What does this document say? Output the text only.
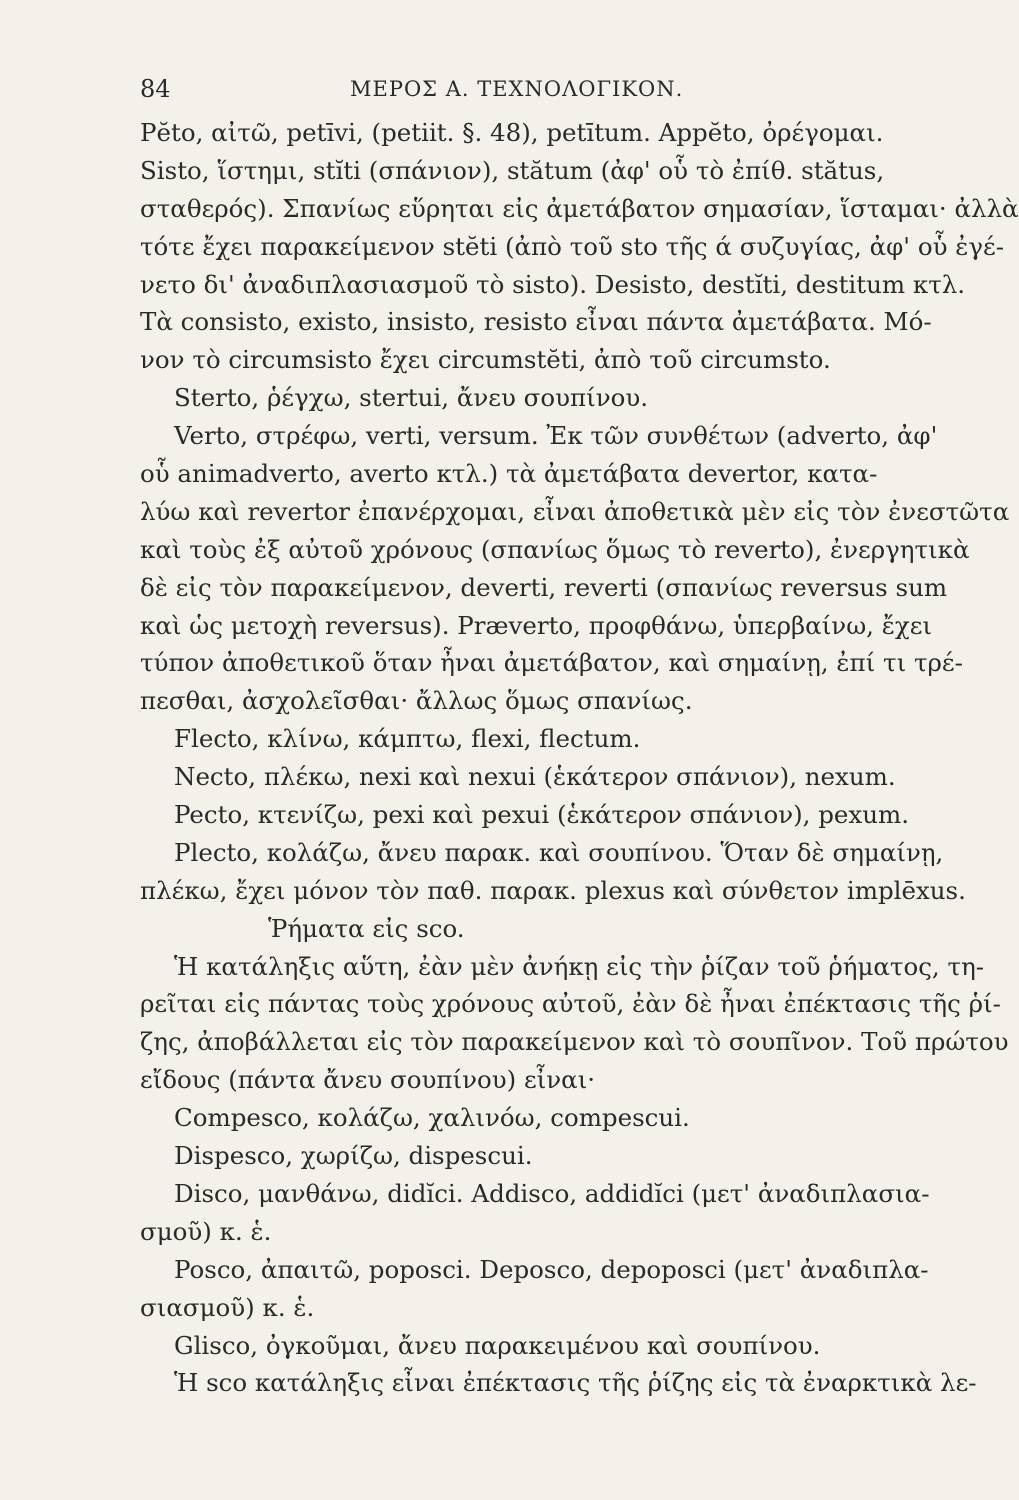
84	ΜΕΡΟΣ Α. ΤΕΧΝΟΛΟΓΙΚΟΝ.
Pĕto, αἰτῶ, petīvi, (petiit. §. 48), petītum. Appĕto, ὀρέγομαι.
Sisto, ἵστημι, stĭti (σπάνιον), stătum (ἀφ' οὗ τὸ ἐπίθ. stătus,
σταθερός). Σπανίως εὕρηται εἰς ἀμετάβατον σημασίαν, ἵσταμαι· ἀλλὰ
τότε ἔχει παρακείμενον stĕti (ἀπὸ τοῦ sto τῆς ά συζυγίας, ἀφ' οὗ ἐγέ-
νετο δι' ἀναδιπλασιασμοῦ τὸ sisto). Desisto, destĭti, destitum κτλ.
Τὰ consisto, existo, insisto, resisto εἶναι πάντα ἀμετάβατα. Μό-
νον τὸ circumsisto ἔχει circumstĕti, ἀπὸ τοῦ circumsto.
Sterto, ῥέγχω, stertui, ἄνευ σουπίνου.
Verto, στρέφω, verti, versum. Ἐκ τῶν συνθέτων (adverto, ἀφ'
οὗ animadverto, averto κτλ.) τὰ ἀμετάβατα devertor, κατα-
λύω καὶ revertor ἐπανέρχομαι, εἶναι ἀποθετικὰ μὲν εἰς τὸν ἐνεστῶτα
καὶ τοὺς ἐξ αὐτοῦ χρόνους (σπανίως ὅμως τὸ reverto), ἐνεργητικὰ
δὲ εἰς τὸν παρακείμενον, deverti, reverti (σπανίως reversus sum
καὶ ὡς μετοχὴ reversus). Præverto, προφθάνω, ὑπερβαίνω, ἔχει
τύπον ἀποθετικοῦ ὅταν ἦναι ἀμετάβατον, καὶ σημαίνῃ, ἐπί τι τρέ-
πεσθαι, ἀσχολεῖσθαι· ἄλλως ὅμως σπανίως.
Flecto, κλίνω, κάμπτω, flexi, flectum.
Necto, πλέκω, nexi καὶ nexui (ἑκάτερον σπάνιον), nexum.
Pecto, κτενίζω, pexi καὶ pexui (ἑκάτερον σπάνιον), pexum.
Plecto, κολάζω, ἄνευ παρακ. καὶ σουπίνου. Ὅταν δὲ σημαίνῃ,
πλέκω, ἔχει μόνον τὸν παθ. παρακ. plexus καὶ σύνθετον implēxus.
Ῥήματα εἰς sco.
Ἡ κατάληξις αὕτη, ἐὰν μὲν ἀνήκῃ εἰς τὴν ῥίζαν τοῦ ῥήματος, τη-
ρεῖται εἰς πάντας τοὺς χρόνους αὐτοῦ, ἐὰν δὲ ἦναι ἐπέκτασις τῆς ῥί-
ζης, ἀποβάλλεται εἰς τὸν παρακείμενον καὶ τὸ σουπῖνον. Τοῦ πρώτου
εἴδους (πάντα ἄνευ σουπίνου) εἶναι·
Compesco, κολάζω, χαλινόω, compescui.
Dispesco, χωρίζω, dispescui.
Disco, μανθάνω, didĭci. Addisco, addidĭci (μετ' ἀναδιπλασια-
σμοῦ) κ. ἑ.
Posco, ἀπαιτῶ, poposci. Deposco, depoposci (μετ' ἀναδιπλα-
σιασμοῦ) κ. ἑ.
Glisco, ὀγκοῦμαι, ἄνευ παρακειμένου καὶ σουπίνου.
Ἡ sco κατάληξις εἶναι ἐπέκτασις τῆς ῥίζης εἰς τὰ ἐναρκτικὰ λε-
